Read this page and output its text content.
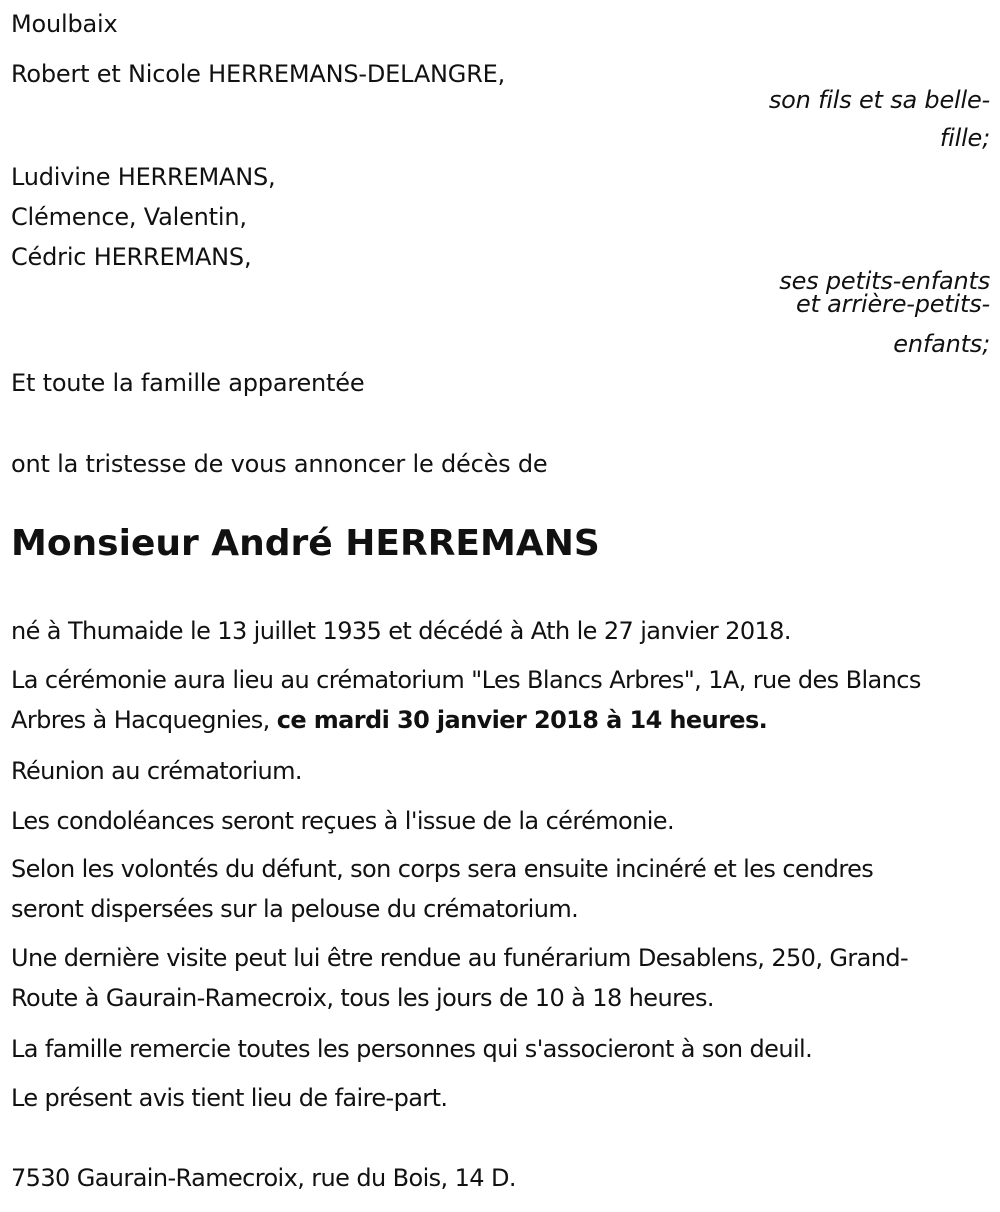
Moulbaix
Robert et Nicole HERREMANS-DELANGRE,
son fils et sa belle-
fille;
Ludivine HERREMANS,
Clémence, Valentin,
Cédric HERREMANS,
ses petits-enfants
et arrière-petits-
enfants;
Et toute la famille apparentée
ont la tristesse de vous annoncer le décès de
Monsieur André HERREMANS
né à Thumaide le 13 juillet 1935 et décédé à Ath le 27 janvier 2018.
La cérémonie aura lieu au crématorium "Les Blancs Arbres", 1A, rue des Blancs Arbres à Hacquegnies, ce mardi 30 janvier 2018 à 14 heures.
Réunion au crématorium.
Les condoléances seront reçues à l'issue de la cérémonie.
Selon les volontés du défunt, son corps sera ensuite incinéré et les cendres seront dispersées sur la pelouse du crématorium.
Une dernière visite peut lui être rendue au funérarium Desablens, 250, Grand-Route à Gaurain-Ramecroix, tous les jours de 10 à 18 heures.
La famille remercie toutes les personnes qui s'associeront à son deuil.
Le présent avis tient lieu de faire-part.
7530 Gaurain-Ramecroix, rue du Bois, 14 D.
